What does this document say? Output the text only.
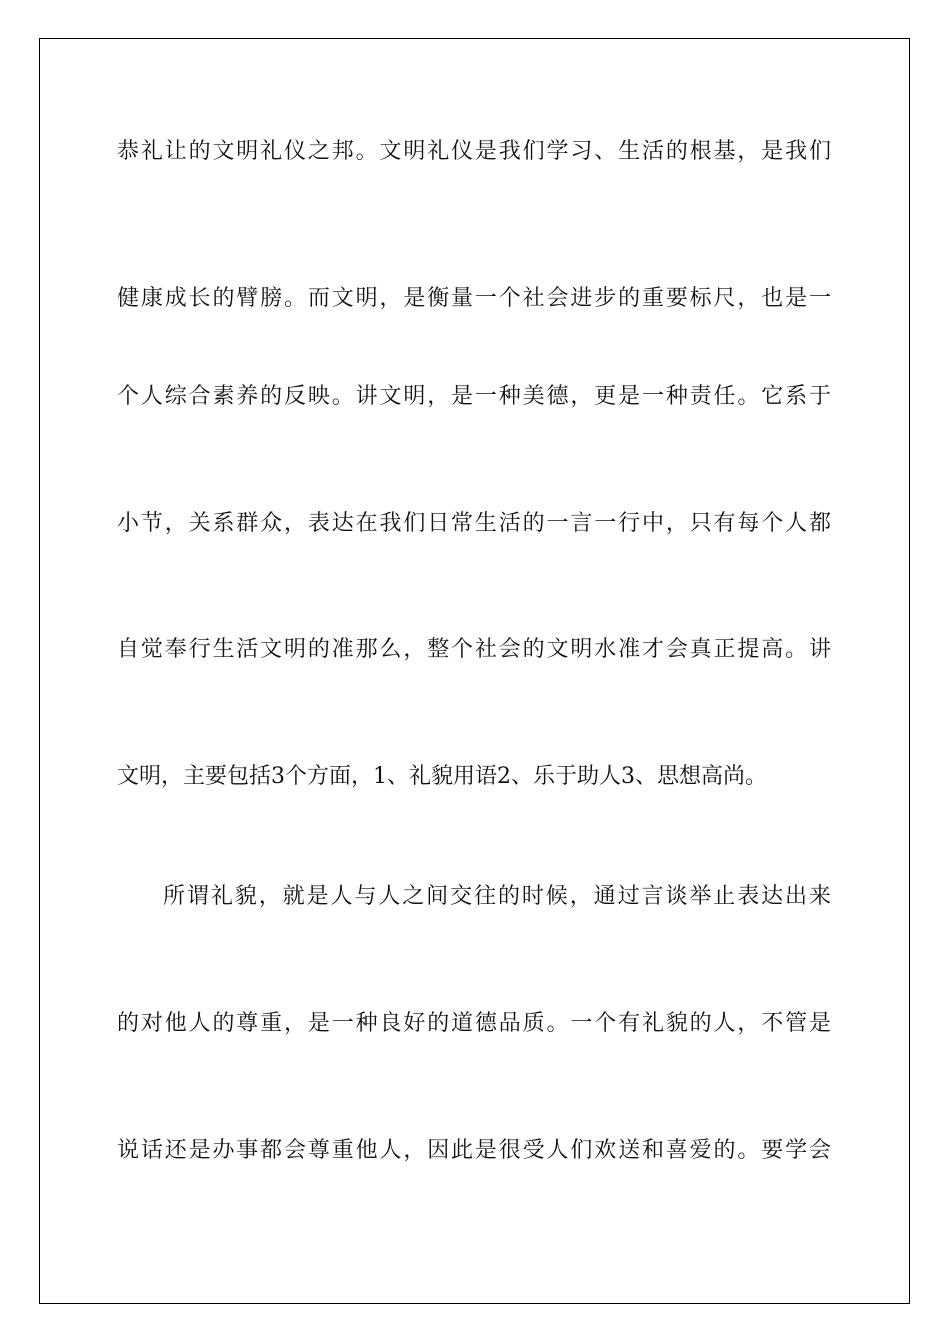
恭礼让的文明礼仪之邦。文明礼仪是我们学习、生活的根基，是我们
健康成长的臂膀。而文明，是衡量一个社会进步的重要标尺，也是一
个人综合素养的反映。讲文明，是一种美德，更是一种责任。它系于
小节，关系群众，表达在我们日常生活的一言一行中，只有每个人都
自觉奉行生活文明的准那么，整个社会的文明水准才会真正提高。讲
文明，主要包括3个方面，1、礼貌用语2、乐于助人3、思想高尚。
所谓礼貌，就是人与人之间交往的时候，通过言谈举止表达出来
的对他人的尊重，是一种良好的道德品质。一个有礼貌的人，不管是
说话还是办事都会尊重他人，因此是很受人们欢送和喜爱的。要学会
